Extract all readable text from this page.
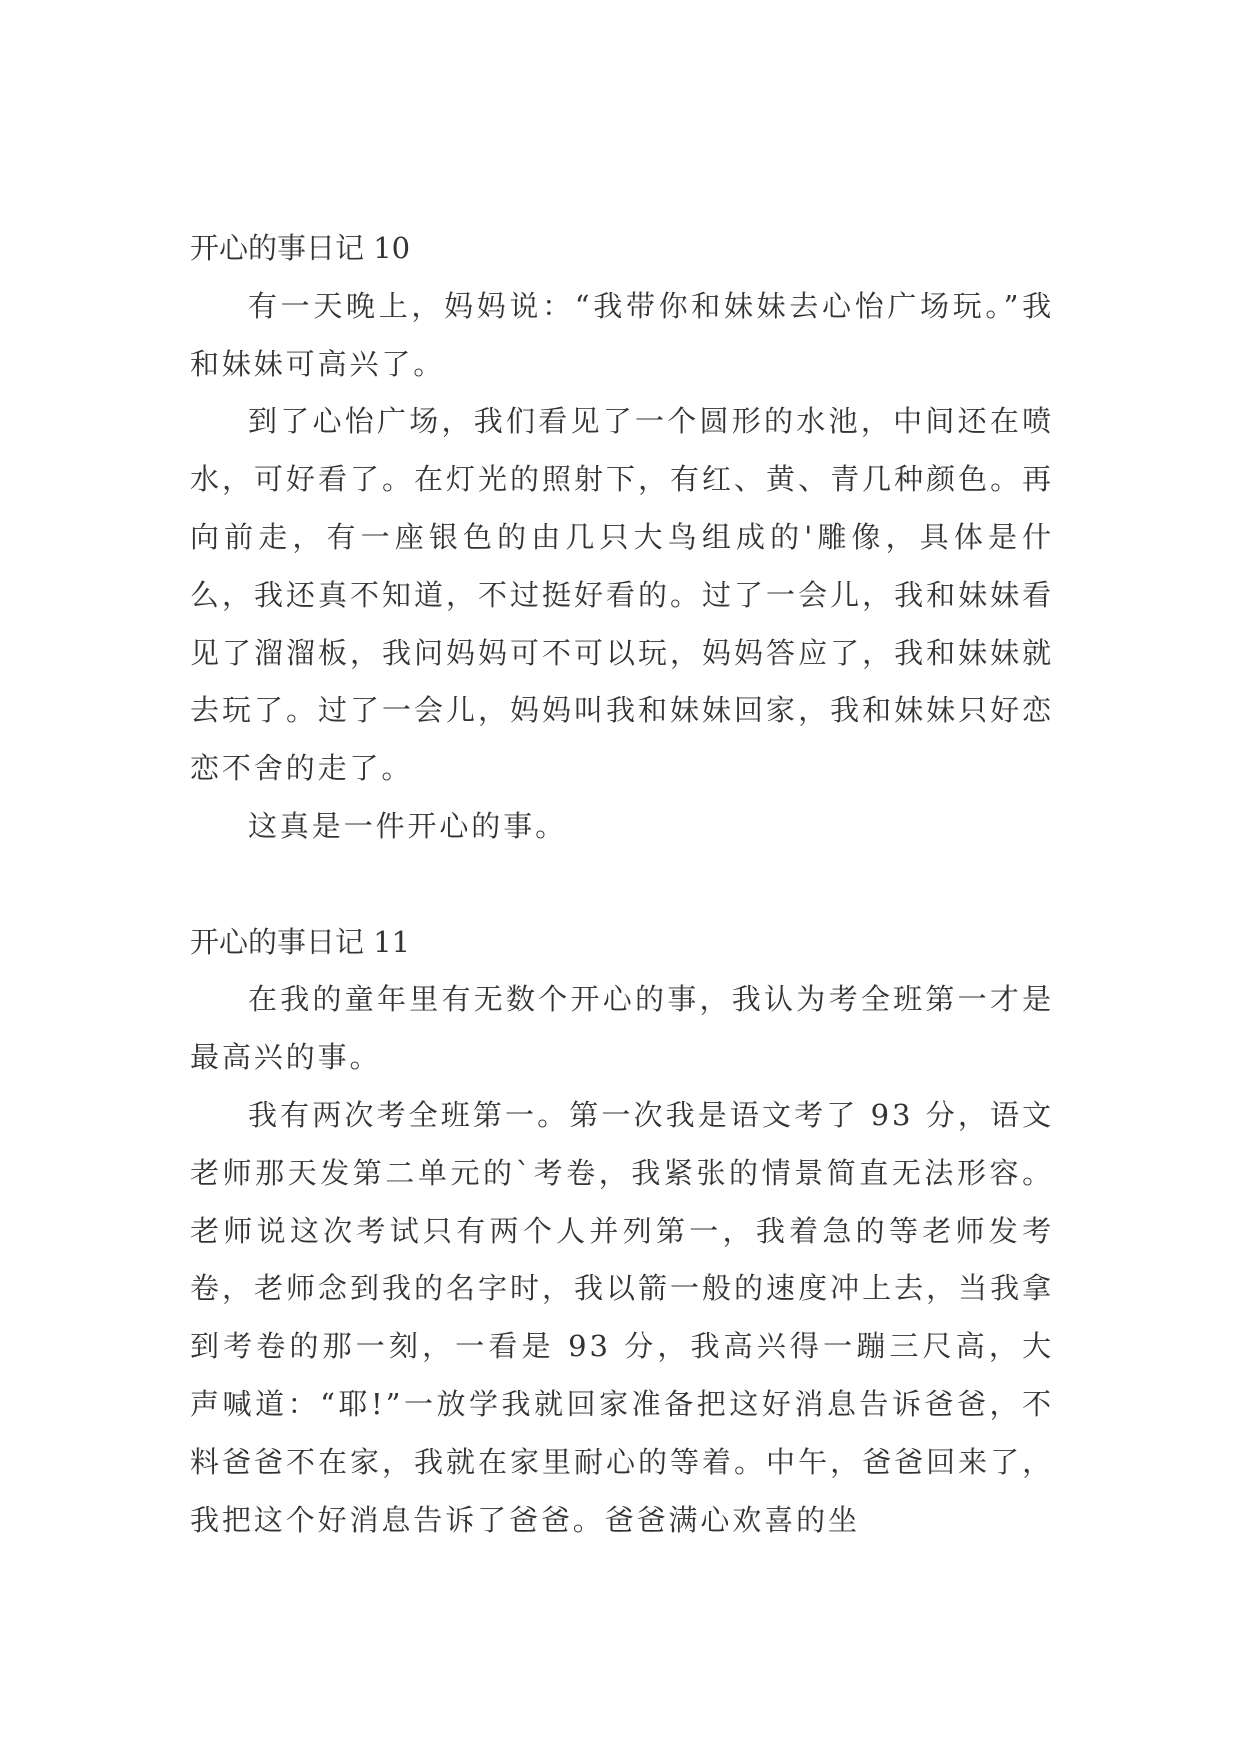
开心的事日记 10

有一天晚上，妈妈说：“我带你和妹妹去心怡广场玩。”我和妹妹可高兴了。

到了心怡广场，我们看见了一个圆形的水池，中间还在喷水，可好看了。在灯光的照射下，有红、黄、青几种颜色。再向前走，有一座银色的由几只大鸟组成的'雕像，具体是什么，我还真不知道，不过挺好看的。过了一会儿，我和妹妹看见了溜溜板，我问妈妈可不可以玩，妈妈答应了，我和妹妹就去玩了。过了一会儿，妈妈叫我和妹妹回家，我和妹妹只好恋恋不舍的走了。

这真是一件开心的事。

开心的事日记 11

在我的童年里有无数个开心的事，我认为考全班第一才是最高兴的事。

我有两次考全班第一。第一次我是语文考了 93 分，语文老师那天发第二单元的`考卷，我紧张的情景简直无法形容。老师说这次考试只有两个人并列第一，我着急的等老师发考卷，老师念到我的名字时，我以箭一般的速度冲上去，当我拿到考卷的那一刻，一看是 93 分，我高兴得一蹦三尺高，大声喊道：“耶!”一放学我就回家准备把这好消息告诉爸爸，不料爸爸不在家，我就在家里耐心的等着。中午，爸爸回来了，我把这个好消息告诉了爸爸。爸爸满心欢喜的坐
